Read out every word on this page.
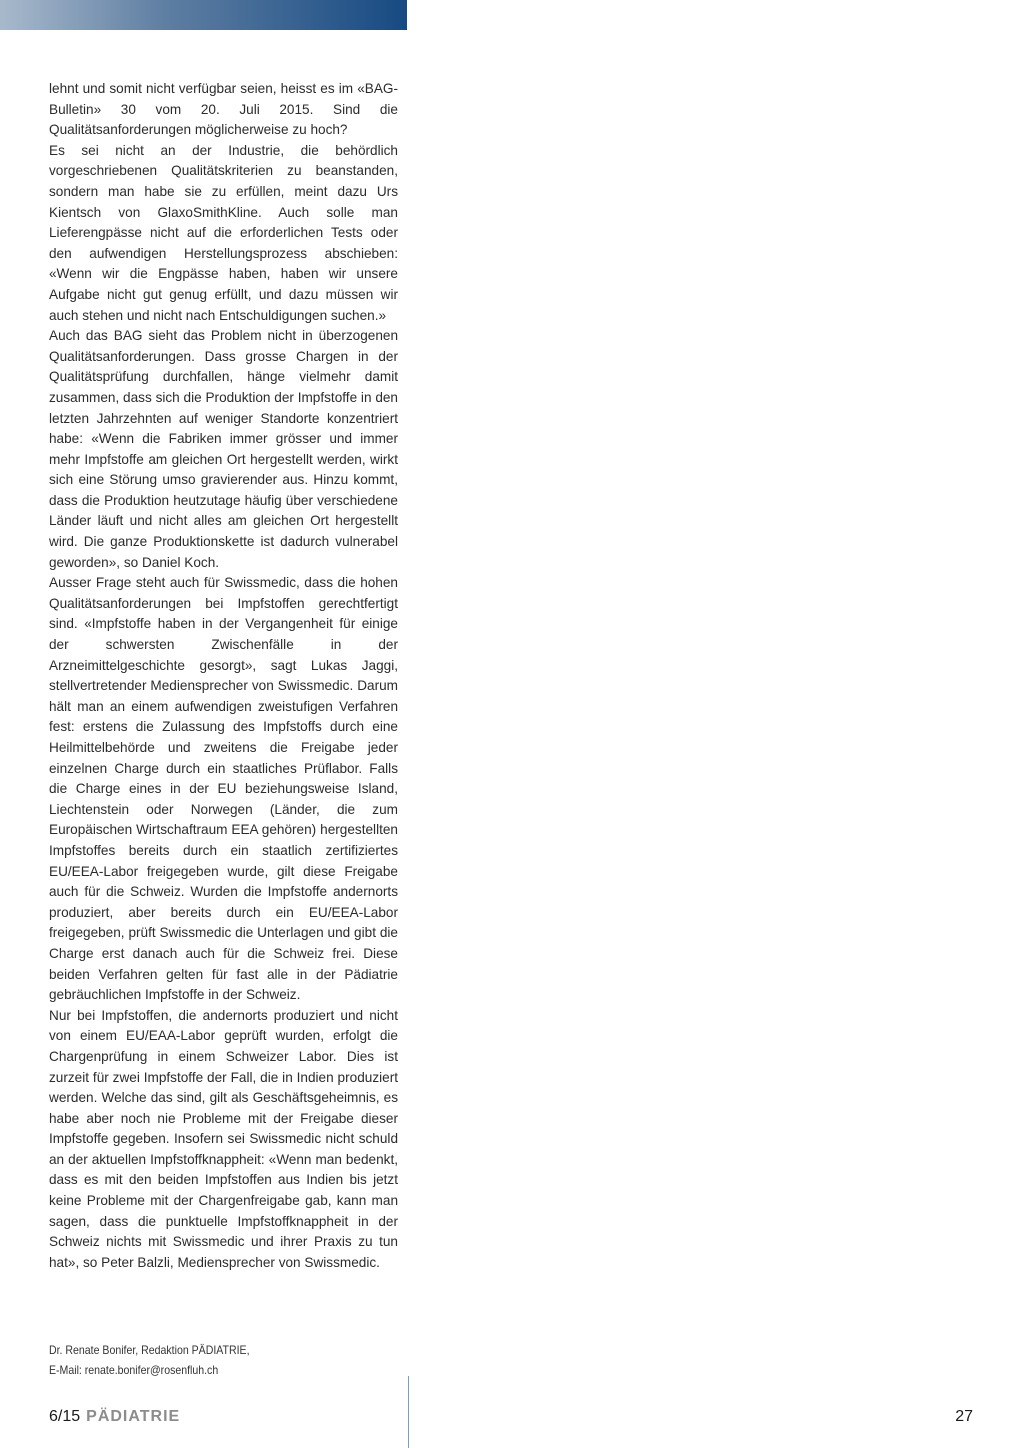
lehnt und somit nicht verfügbar seien, heisst es im «BAG-Bulletin» 30 vom 20. Juli 2015. Sind die Qualitätsanforderungen möglicherweise zu hoch?

Es sei nicht an der Industrie, die behördlich vorgeschriebenen Qualitätskriterien zu beanstanden, sondern man habe sie zu erfüllen, meint dazu Urs Kientsch von GlaxoSmithKline. Auch solle man Lieferengpässe nicht auf die erforderlichen Tests oder den aufwendigen Herstellungsprozess abschieben: «Wenn wir die Engpässe haben, haben wir unsere Aufgabe nicht gut genug erfüllt, und dazu müssen wir auch stehen und nicht nach Entschuldigungen suchen.»

Auch das BAG sieht das Problem nicht in überzogenen Qualitätsanforderungen. Dass grosse Chargen in der Qualitätsprüfung durchfallen, hänge vielmehr damit zusammen, dass sich die Produktion der Impfstoffe in den letzten Jahrzehnten auf weniger Standorte konzentriert habe: «Wenn die Fabriken immer grösser und immer mehr Impfstoffe am gleichen Ort hergestellt werden, wirkt sich eine Störung umso gravierender aus. Hinzu kommt, dass die Produktion heutzutage häufig über verschiedene Länder läuft und nicht alles am gleichen Ort hergestellt wird. Die ganze Produktionskette ist dadurch vulnerabel geworden», so Daniel Koch.

Ausser Frage steht auch für Swissmedic, dass die hohen Qualitätsanforderungen bei Impfstoffen gerechtfertigt sind. «Impfstoffe haben in der Vergangenheit für einige der schwersten Zwischenfälle in der Arzneimittelgeschichte gesorgt», sagt Lukas Jaggi, stellvertretender Mediensprecher von Swissmedic. Darum hält man an einem aufwendigen zweistufigen Verfahren fest: erstens die Zulassung des Impfstoffs durch eine Heilmittelbehörde und zweitens die Freigabe jeder einzelnen Charge durch ein staatliches Prüflabor. Falls die Charge eines in der EU beziehungsweise Island, Liechtenstein oder Norwegen (Länder, die zum Europäischen Wirtschaftraum EEA gehören) hergestellten Impfstoffes bereits durch ein staatlich zertifiziertes EU/EEA-Labor freigegeben wurde, gilt diese Freigabe auch für die Schweiz. Wurden die Impfstoffe andernorts produziert, aber bereits durch ein EU/EEA-Labor freigegeben, prüft Swissmedic die Unterlagen und gibt die Charge erst danach auch für die Schweiz frei. Diese beiden Verfahren gelten für fast alle in der Pädiatrie gebräuchlichen Impfstoffe in der Schweiz.

Nur bei Impfstoffen, die andernorts produziert und nicht von einem EU/EAA-Labor geprüft wurden, erfolgt die Chargenprüfung in einem Schweizer Labor. Dies ist zurzeit für zwei Impfstoffe der Fall, die in Indien produziert werden. Welche das sind, gilt als Geschäftsgeheimnis, es habe aber noch nie Probleme mit der Freigabe dieser Impfstoffe gegeben. Insofern sei Swissmedic nicht schuld an der aktuellen Impfstoffknappheit: «Wenn man bedenkt, dass es mit den beiden Impfstoffen aus Indien bis jetzt keine Probleme mit der Chargenfreigabe gab, kann man sagen, dass die punktuelle Impfstoffknappheit in der Schweiz nichts mit Swissmedic und ihrer Praxis zu tun hat», so Peter Balzli, Mediensprecher von Swissmedic.

Dr. Renate Bonifer, Redaktion PÄDIATRIE,
E-Mail: renate.bonifer@rosenfluh.ch
6/15 PÄDIATRIE	27
